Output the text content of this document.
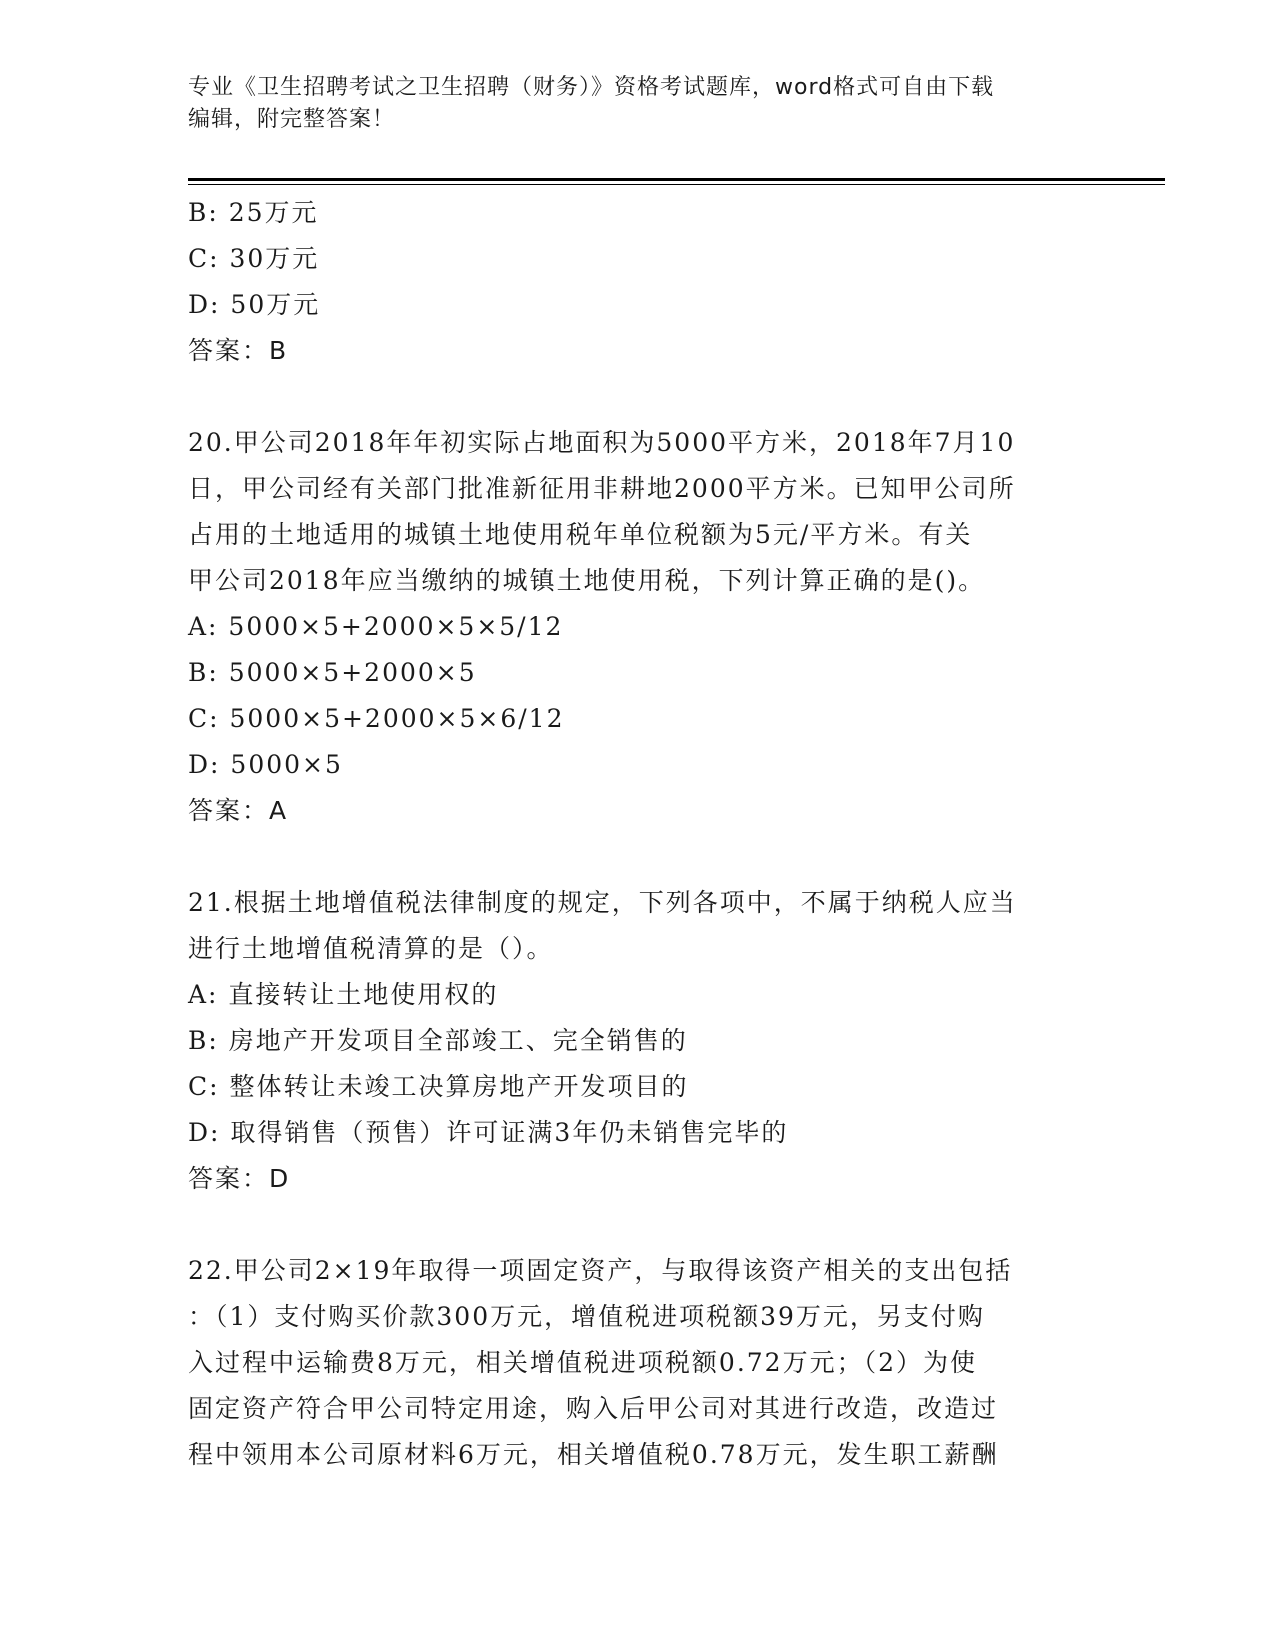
专业《卫生招聘考试之卫生招聘（财务）》资格考试题库，word格式可自由下载
编辑，附完整答案！
B: 25万元
C: 30万元
D: 50万元
答案：B
20.甲公司2018年年初实际占地面积为5000平方米，2018年7月10
日，甲公司经有关部门批准新征用非耕地2000平方米。已知甲公司所
占用的土地适用的城镇土地使用税年单位税额为5元/平方米。有关
甲公司2018年应当缴纳的城镇土地使用税，下列计算正确的是()。
A: 5000×5+2000×5×5/12
B: 5000×5+2000×5
C: 5000×5+2000×5×6/12
D: 5000×5
答案：A
21.根据土地增值税法律制度的规定，下列各项中，不属于纳税人应当
进行土地增值税清算的是（）。
A: 直接转让土地使用权的
B: 房地产开发项目全部竣工、完全销售的
C: 整体转让未竣工决算房地产开发项目的
D: 取得销售（预售）许可证满3年仍未销售完毕的
答案：D
22.甲公司2×19年取得一项固定资产，与取得该资产相关的支出包括
：（1）支付购买价款300万元，增值税进项税额39万元，另支付购
入过程中运输费8万元，相关增值税进项税额0.72万元；（2）为使
固定资产符合甲公司特定用途，购入后甲公司对其进行改造，改造过
程中领用本公司原材料6万元，相关增值税0.78万元，发生职工薪酬
